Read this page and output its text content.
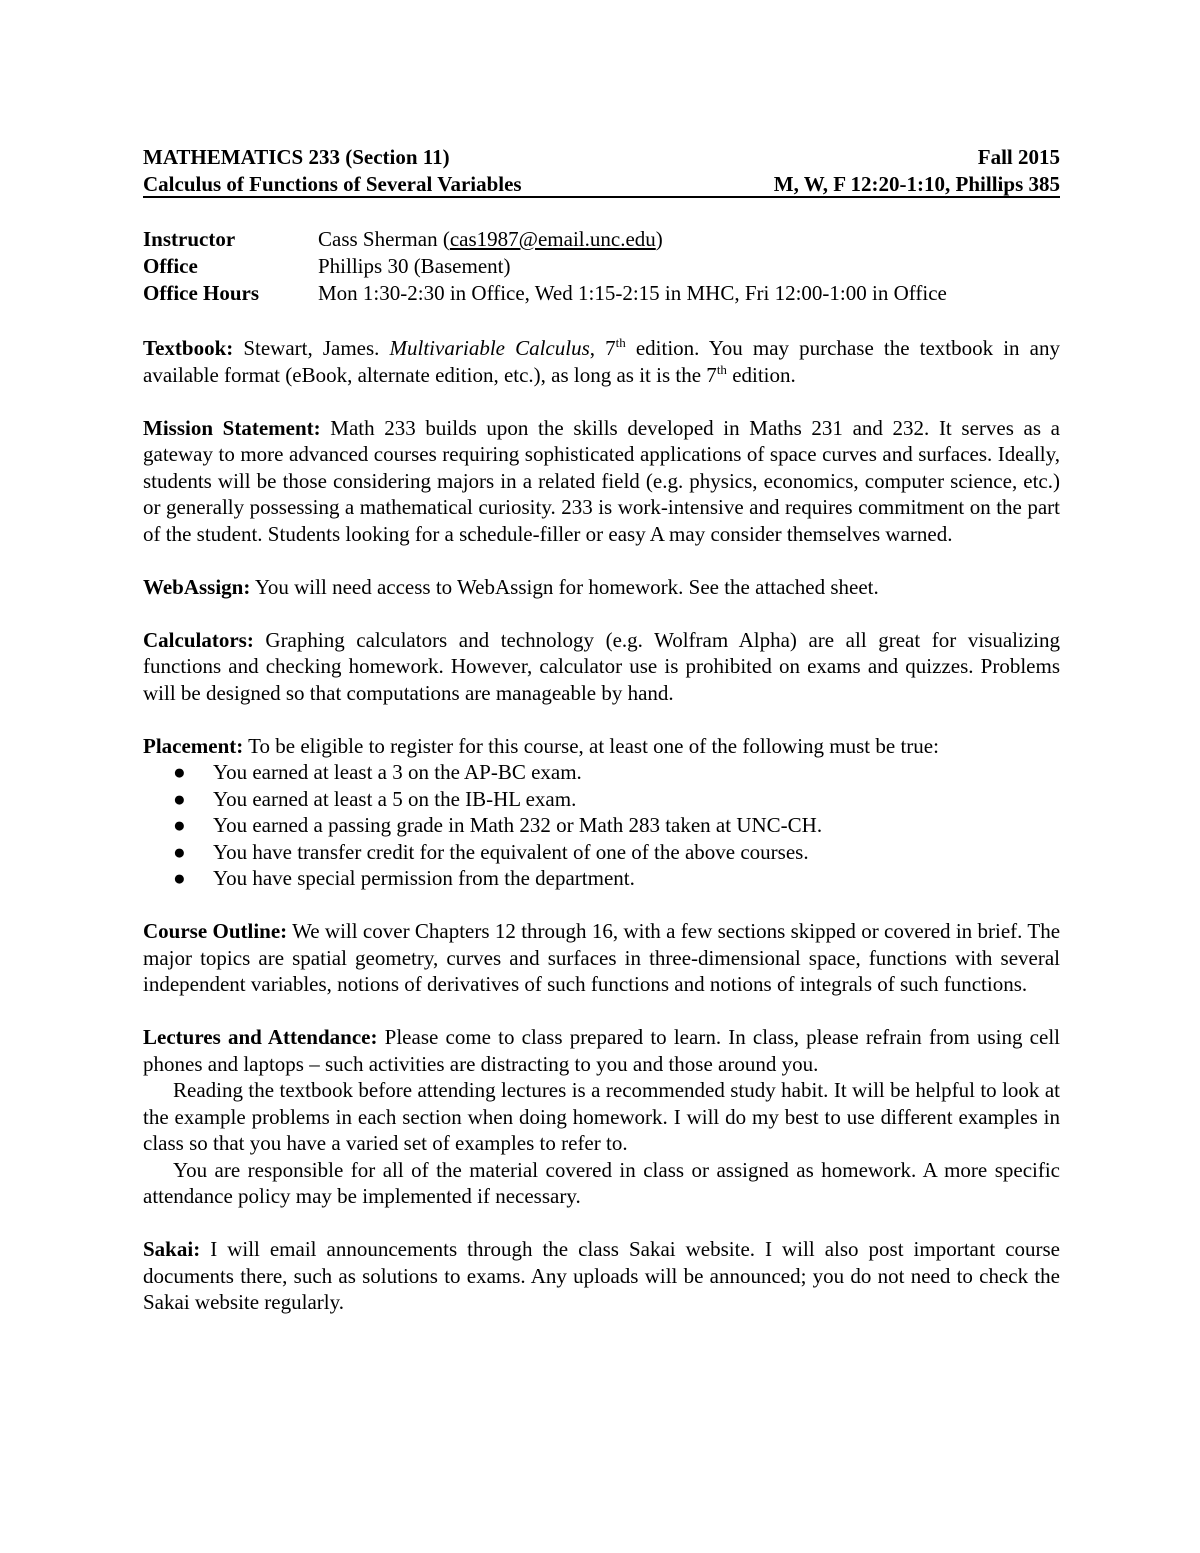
MATHEMATICS 233 (Section 11)	Fall 2015
Calculus of Functions of Several Variables	M, W, F 12:20-1:10, Phillips 385
Instructor	Cass Sherman (cas1987@email.unc.edu)
Office	Phillips 30 (Basement)
Office Hours	Mon 1:30-2:30 in Office, Wed 1:15-2:15 in MHC, Fri 12:00-1:00 in Office

Textbook: Stewart, James. Multivariable Calculus, 7th edition. You may purchase the textbook in any available format (eBook, alternate edition, etc.), as long as it is the 7th edition.

Mission Statement: Math 233 builds upon the skills developed in Maths 231 and 232. It serves as a gateway to more advanced courses requiring sophisticated applications of space curves and surfaces. Ideally, students will be those considering majors in a related field (e.g. physics, economics, computer science, etc.) or generally possessing a mathematical curiosity. 233 is work-intensive and requires commitment on the part of the student. Students looking for a schedule-filler or easy A may consider themselves warned.

WebAssign: You will need access to WebAssign for homework. See the attached sheet.

Calculators: Graphing calculators and technology (e.g. Wolfram Alpha) are all great for visualizing functions and checking homework. However, calculator use is prohibited on exams and quizzes. Problems will be designed so that computations are manageable by hand.

Placement: To be eligible to register for this course, at least one of the following must be true:

● You earned at least a 3 on the AP-BC exam.
● You earned at least a 5 on the IB-HL exam.
● You earned a passing grade in Math 232 or Math 283 taken at UNC-CH.
● You have transfer credit for the equivalent of one of the above courses.
● You have special permission from the department.

Course Outline: We will cover Chapters 12 through 16, with a few sections skipped or covered in brief. The major topics are spatial geometry, curves and surfaces in three-dimensional space, functions with several independent variables, notions of derivatives of such functions and notions of integrals of such functions.

Lectures and Attendance: Please come to class prepared to learn. In class, please refrain from using cell phones and laptops – such activities are distracting to you and those around you.

Reading the textbook before attending lectures is a recommended study habit. It will be helpful to look at the example problems in each section when doing homework. I will do my best to use different examples in class so that you have a varied set of examples to refer to.

You are responsible for all of the material covered in class or assigned as homework. A more specific attendance policy may be implemented if necessary.

Sakai: I will email announcements through the class Sakai website. I will also post important course documents there, such as solutions to exams. Any uploads will be announced; you do not need to check the Sakai website regularly.
